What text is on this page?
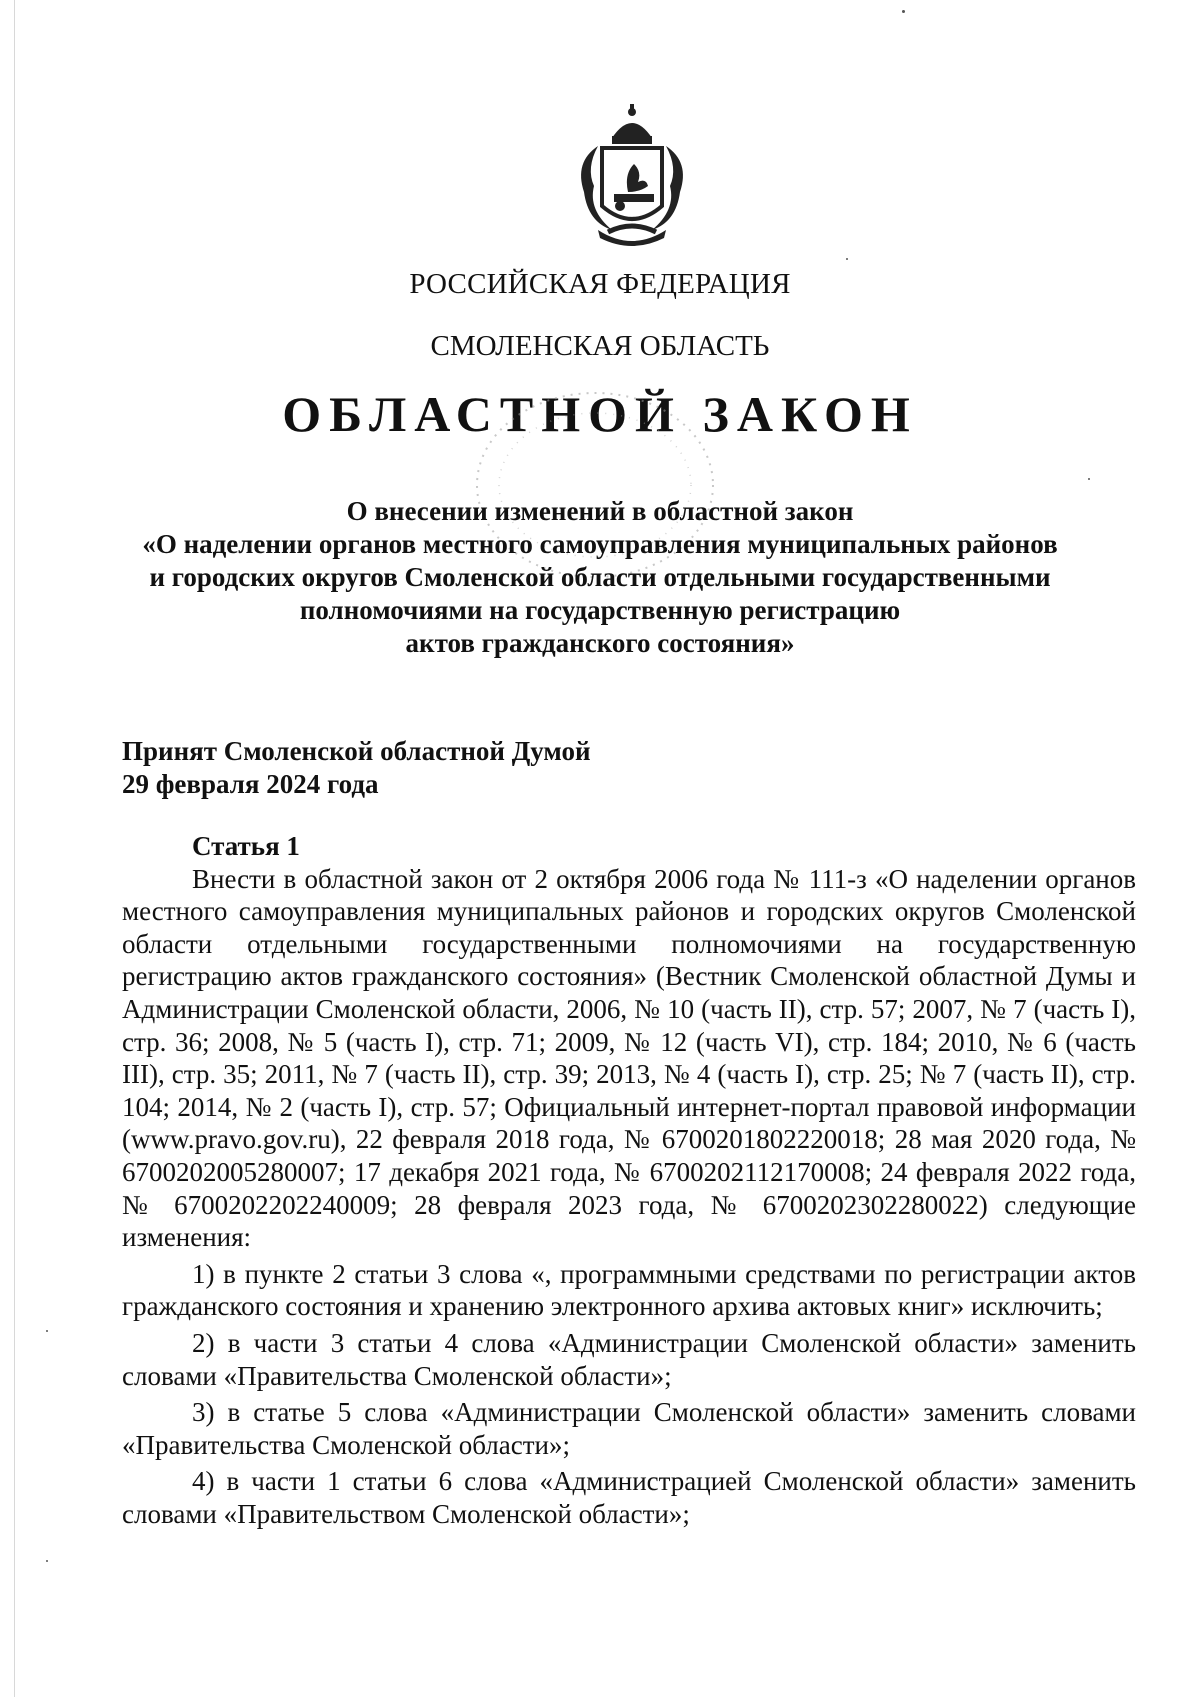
РОССИЙСКАЯ ФЕДЕРАЦИЯ
СМОЛЕНСКАЯ ОБЛАСТЬ
ОБЛАСТНОЙ ЗАКОН
О внесении изменений в областной закон
«О наделении органов местного самоуправления муниципальных районов
и городских округов Смоленской области отдельными государственными
полномочиями на государственную регистрацию
актов гражданского состояния»
Принят Смоленской областной Думой
29 февраля 2024 года
Статья 1

Внести в областной закон от 2 октября 2006 года № 111-з «О наделении органов местного самоуправления муниципальных районов и городских округов Смоленской области отдельными государственными полномочиями на государственную регистрацию актов гражданского состояния» (Вестник Смоленской областной Думы и Администрации Смоленской области, 2006, № 10 (часть II), стр. 57; 2007, № 7 (часть I), стр. 36; 2008, № 5 (часть I), стр. 71; 2009, № 12 (часть VI), стр. 184; 2010, № 6 (часть III), стр. 35; 2011, № 7 (часть II), стр. 39; 2013, № 4 (часть I), стр. 25; № 7 (часть II), стр. 104; 2014, № 2 (часть I), стр. 57; Официальный интернет-портал правовой информации (www.pravo.gov.ru), 22 февраля 2018 года, № 6700201802220018; 28 мая 2020 года, № 6700202005280007; 17 декабря 2021 года, № 6700202112170008; 24 февраля 2022 года, № 6700202202240009; 28 февраля 2023 года, № 6700202302280022) следующие изменения:

1) в пункте 2 статьи 3 слова «, программными средствами по регистрации актов гражданского состояния и хранению электронного архива актовых книг» исключить;

2) в части 3 статьи 4 слова «Администрации Смоленской области» заменить словами «Правительства Смоленской области»;

3) в статье 5 слова «Администрации Смоленской области» заменить словами «Правительства Смоленской области»;

4) в части 1 статьи 6 слова «Администрацией Смоленской области» заменить словами «Правительством Смоленской области»;
